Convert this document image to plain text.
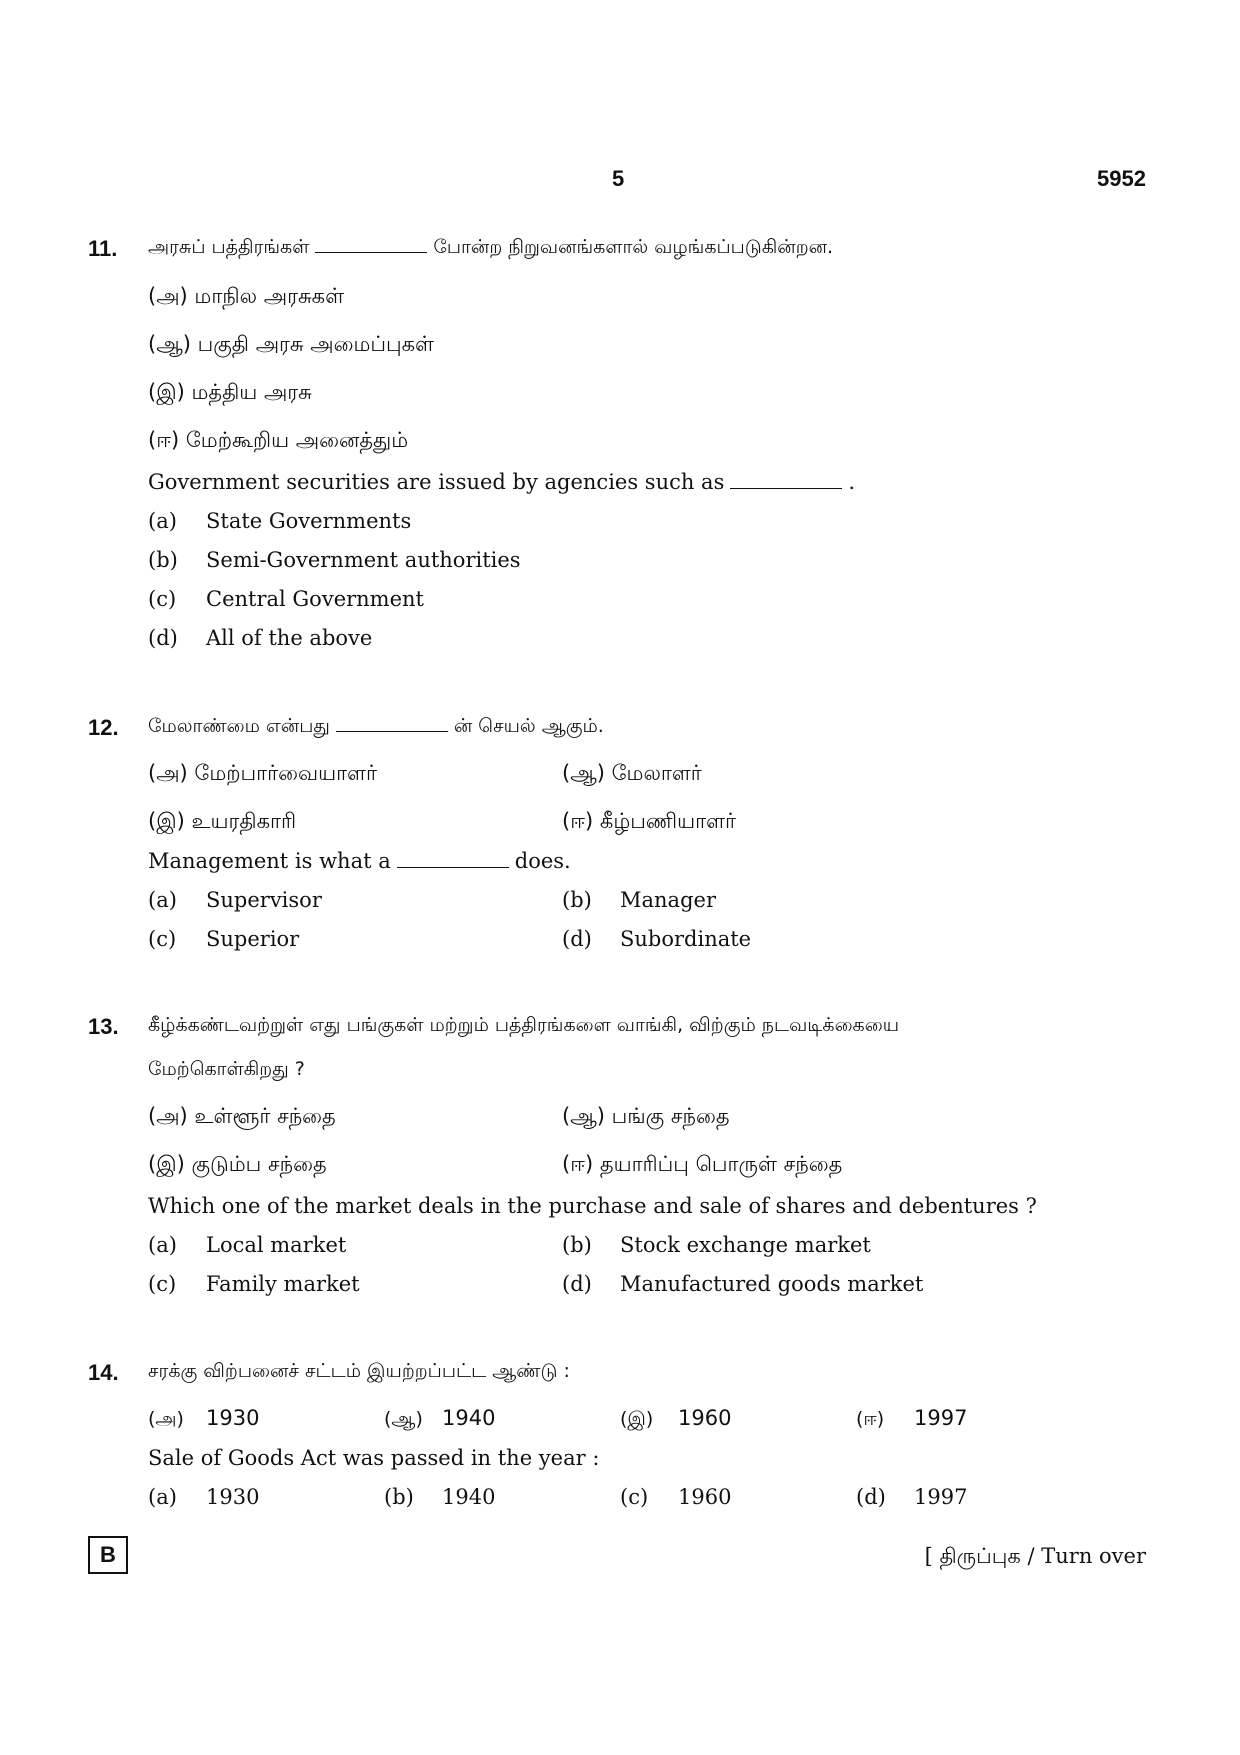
5	5952
11. அரசுப் பத்திரங்கள்	போன்ற நிறுவனங்களால் வழங்கப்படுகின்றன.
(அ) மாநில அரசுகள்
(ஆ) பகுதி அரசு அமைப்புகள்
(இ) மத்திய அரசு
(ஈ) மேற்கூறிய அனைத்தும்
Government securities are issued by agencies such as	.
(a) State Governments
(b) Semi-Government authorities
(c) Central Government
(d) All of the above
12. மேலாண்மை என்பது	ன் செயல் ஆகும்.
(அ) மேற்பார்வையாளர்	(ஆ) மேலாளர்
(இ) உயரதிகாரி	(ஈ) கீழ்பணியாளர்
Management is what a	does.
(a) Supervisor	(b) Manager
(c) Superior	(d) Subordinate
13. கீழ்க்கண்டவற்றுள் எது பங்குகள் மற்றும் பத்திரங்களை வாங்கி, விற்கும் நடவடிக்கையை
மேற்கொள்கிறது ?
(அ) உள்ளூர் சந்தை	(ஆ) பங்கு சந்தை
(இ) குடும்ப சந்தை	(ஈ) தயாரிப்பு பொருள் சந்தை
Which one of the market deals in the purchase and sale of shares and debentures ?
(a) Local market	(b) Stock exchange market
(c) Family market	(d) Manufactured goods market
14. சரக்கு விற்பனைச் சட்டம் இயற்றப்பட்ட ஆண்டு :
(அ) 1930	(ஆ) 1940	(இ) 1960	(ஈ) 1997
Sale of Goods Act was passed in the year :
(a) 1930	(b) 1940	(c) 1960	(d) 1997
B	[ திருப்புக / Turn over
